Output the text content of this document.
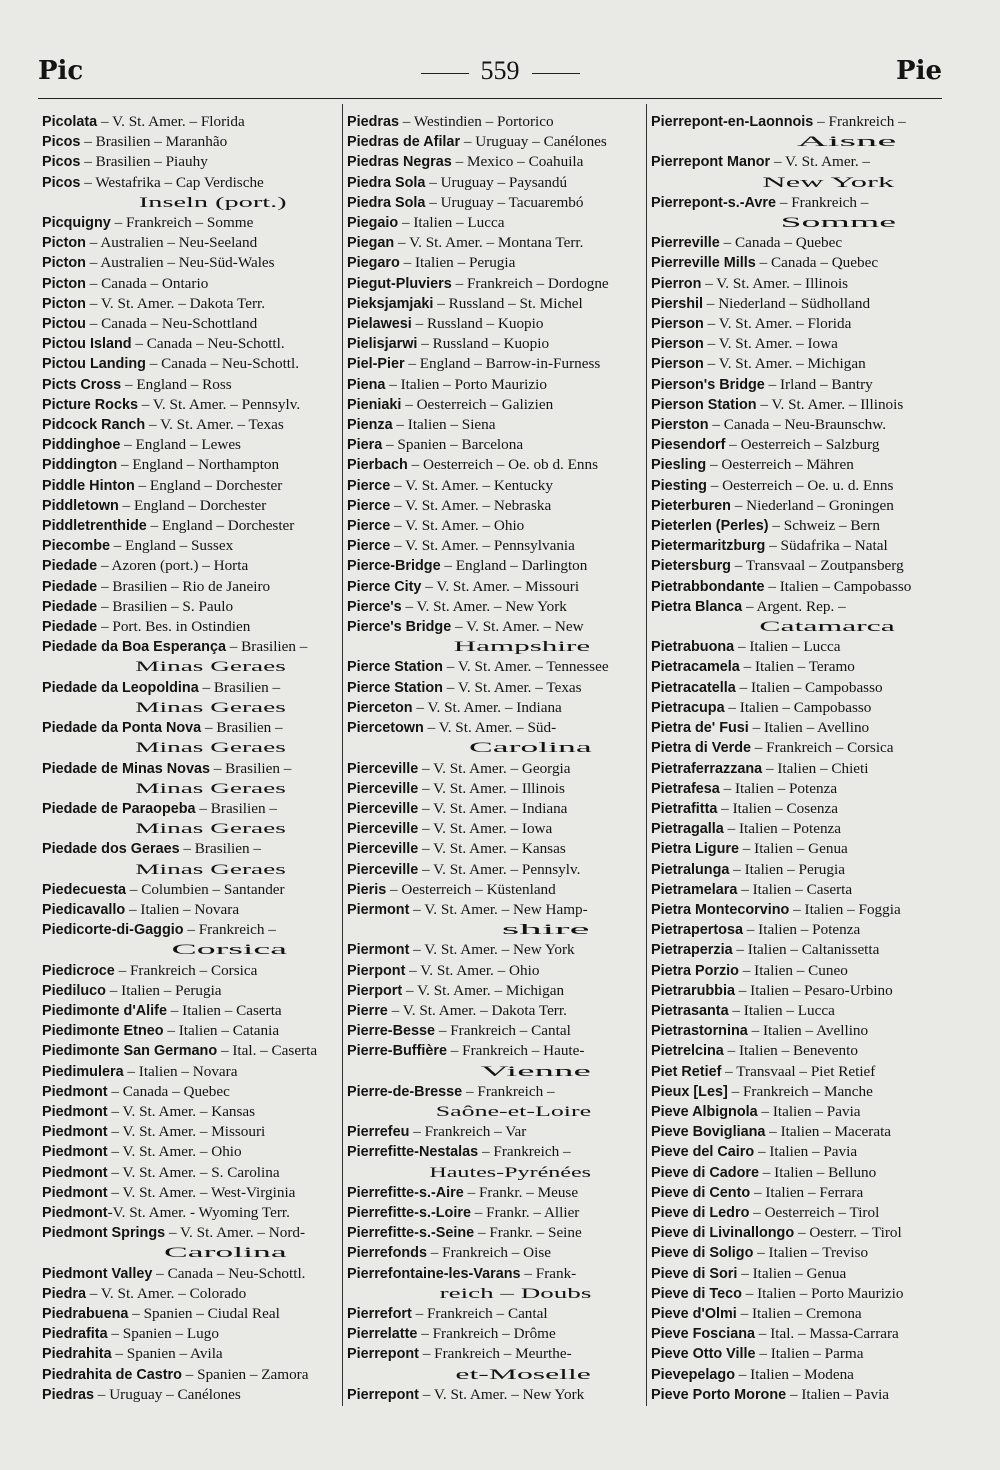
Pic	559	Pie
Picolata – V. St. Amer. – Florida
Picos – Brasilien – Maranhão
Picos – Brasilien – Piauhy
Picos – Westafrika – Cap Verdische
Inseln (port.)
Picquigny – Frankreich – Somme
Picton – Australien – Neu-Seeland
Picton – Australien – Neu-Süd-Wales
Picton – Canada – Ontario
Picton – V. St. Amer. – Dakota Terr.
Pictou – Canada – Neu-Schottland
Pictou Island – Canada – Neu-Schottl.
Pictou Landing – Canada – Neu-Schottl.
Picts Cross – England – Ross
Picture Rocks – V. St. Amer. – Pennsylv.
Pidcock Ranch – V. St. Amer. – Texas
Piddinghoe – England – Lewes
Piddington – England – Northampton
Piddle Hinton – England – Dorchester
Piddletown – England – Dorchester
Piddletrenthide – England – Dorchester
Piecombe – England – Sussex
Piedade – Azoren (port.) – Horta
Piedade – Brasilien – Rio de Janeiro
Piedade – Brasilien – S. Paulo
Piedade – Port. Bes. in Ostindien
Piedade da Boa Esperança – Brasilien –
Minas Geraes
Piedade da Leopoldina – Brasilien –
Minas Geraes
Piedade da Ponta Nova – Brasilien –
Minas Geraes
Piedade de Minas Novas – Brasilien –
Minas Geraes
Piedade de Paraopeba – Brasilien –
Minas Geraes
Piedade dos Geraes – Brasilien –
Minas Geraes
Piedecuesta – Columbien – Santander
Piedicavallo – Italien – Novara
Piedicorte-di-Gaggio – Frankreich –
Corsica
Piedicroce – Frankreich – Corsica
Piediluco – Italien – Perugia
Piedimonte d'Alife – Italien – Caserta
Piedimonte Etneo – Italien – Catania
Piedimonte San Germano – Ital. – Caserta
Piedimulera – Italien – Novara
Piedmont – Canada – Quebec
Piedmont – V. St. Amer. – Kansas
Piedmont – V. St. Amer. – Missouri
Piedmont – V. St. Amer. – Ohio
Piedmont – V. St. Amer. – S. Carolina
Piedmont – V. St. Amer. – West-Virginia
Piedmont-V. St. Amer. - Wyoming Terr.
Piedmont Springs – V. St. Amer. – Nord-
Carolina
Piedmont Valley – Canada – Neu-Schottl.
Piedra – V. St. Amer. – Colorado
Piedrabuena – Spanien – Ciudal Real
Piedrafita – Spanien – Lugo
Piedrahita – Spanien – Avila
Piedrahita de Castro – Spanien – Zamora
Piedras – Uruguay – Canélones
Piedras – Westindien – Portorico
Piedras de Afilar – Uruguay – Canélones
Piedras Negras – Mexico – Coahuila
Piedra Sola – Uruguay – Paysandú
Piedra Sola – Uruguay – Tacuarembó
Piegaio – Italien – Lucca
Piegan – V. St. Amer. – Montana Terr.
Piegaro – Italien – Perugia
Piegut-Pluviers – Frankreich – Dordogne
Pieksjamjaki – Russland – St. Michel
Pielawesi – Russland – Kuopio
Pielisjarwi – Russland – Kuopio
Piel-Pier – England – Barrow-in-Furness
Piena – Italien – Porto Maurizio
Pieniaki – Oesterreich – Galizien
Pienza – Italien – Siena
Piera – Spanien – Barcelona
Pierbach – Oesterreich – Oe. ob d. Enns
Pierce – V. St. Amer. – Kentucky
Pierce – V. St. Amer. – Nebraska
Pierce – V. St. Amer. – Ohio
Pierce – V. St. Amer. – Pennsylvania
Pierce-Bridge – England – Darlington
Pierce City – V. St. Amer. – Missouri
Pierce's – V. St. Amer. – New York
Pierce's Bridge – V. St. Amer. – New
Hampshire
Pierce Station – V. St. Amer. – Tennessee
Pierce Station – V. St. Amer. – Texas
Pierceton – V. St. Amer. – Indiana
Piercetown – V. St. Amer. – Süd-
Carolina
Pierceville – V. St. Amer. – Georgia
Pierceville – V. St. Amer. – Illinois
Pierceville – V. St. Amer. – Indiana
Pierceville – V. St. Amer. – Iowa
Pierceville – V. St. Amer. – Kansas
Pierceville – V. St. Amer. – Pennsylv.
Pieris – Oesterreich – Küstenland
Piermont – V. St. Amer. – New Hamp-
shire
Piermont – V. St. Amer. – New York
Pierpont – V. St. Amer. – Ohio
Pierport – V. St. Amer. – Michigan
Pierre – V. St. Amer. – Dakota Terr.
Pierre-Besse – Frankreich – Cantal
Pierre-Buffière – Frankreich – Haute-
Vienne
Pierre-de-Bresse – Frankreich –
Saône-et-Loire
Pierrefeu – Frankreich – Var
Pierrefitte-Nestalas – Frankreich –
Hautes-Pyrénées
Pierrefitte-s.-Aire – Frankr. – Meuse
Pierrefitte-s.-Loire – Frankr. – Allier
Pierrefitte-s.-Seine – Frankr. – Seine
Pierrefonds – Frankreich – Oise
Pierrefontaine-les-Varans – Frank-
reich – Doubs
Pierrefort – Frankreich – Cantal
Pierrelatte – Frankreich – Drôme
Pierrepont – Frankreich – Meurthe-
et-Moselle
Pierrepont – V. St. Amer. – New York
Pierrepont-en-Laonnois – Frankreich –
Aisne
Pierrepont Manor – V. St. Amer. –
New York
Pierrepont-s.-Avre – Frankreich –
Somme
Pierreville – Canada – Quebec
Pierreville Mills – Canada – Quebec
Pierron – V. St. Amer. – Illinois
Piershil – Niederland – Südholland
Pierson – V. St. Amer. – Florida
Pierson – V. St. Amer. – Iowa
Pierson – V. St. Amer. – Michigan
Pierson's Bridge – Irland – Bantry
Pierson Station – V. St. Amer. – Illinois
Pierston – Canada – Neu-Braunschw.
Piesendorf – Oesterreich – Salzburg
Piesling – Oesterreich – Mähren
Piesting – Oesterreich – Oe. u. d. Enns
Pieterburen – Niederland – Groningen
Pieterlen (Perles) – Schweiz – Bern
Pietermaritzburg – Südafrika – Natal
Pietersburg – Transvaal – Zoutpansberg
Pietrabbondante – Italien – Campobasso
Pietra Blanca – Argent. Rep. –
Catamarca
Pietrabuona – Italien – Lucca
Pietracamela – Italien – Teramo
Pietracatella – Italien – Campobasso
Pietracupa – Italien – Campobasso
Pietra de' Fusi – Italien – Avellino
Pietra di Verde – Frankreich – Corsica
Pietraferrazzana – Italien – Chieti
Pietrafesa – Italien – Potenza
Pietrafitta – Italien – Cosenza
Pietragalla – Italien – Potenza
Pietra Ligure – Italien – Genua
Pietralunga – Italien – Perugia
Pietramelara – Italien – Caserta
Pietra Montecorvino – Italien – Foggia
Pietrapertosa – Italien – Potenza
Pietraperzia – Italien – Caltanissetta
Pietra Porzio – Italien – Cuneo
Pietrarubbia – Italien – Pesaro-Urbino
Pietrasanta – Italien – Lucca
Pietrastornina – Italien – Avellino
Pietrelcina – Italien – Benevento
Piet Retief – Transvaal – Piet Retief
Pieux [Les] – Frankreich – Manche
Pieve Albignola – Italien – Pavia
Pieve Bovigliana – Italien – Macerata
Pieve del Cairo – Italien – Pavia
Pieve di Cadore – Italien – Belluno
Pieve di Cento – Italien – Ferrara
Pieve di Ledro – Oesterreich – Tirol
Pieve di Livinallongo – Oesterr. – Tirol
Pieve di Soligo – Italien – Treviso
Pieve di Sori – Italien – Genua
Pieve di Teco – Italien – Porto Maurizio
Pieve d'Olmi – Italien – Cremona
Pieve Fosciana – Ital. – Massa-Carrara
Pieve Otto Ville – Italien – Parma
Pievepelago – Italien – Modena
Pieve Porto Morone – Italien – Pavia
